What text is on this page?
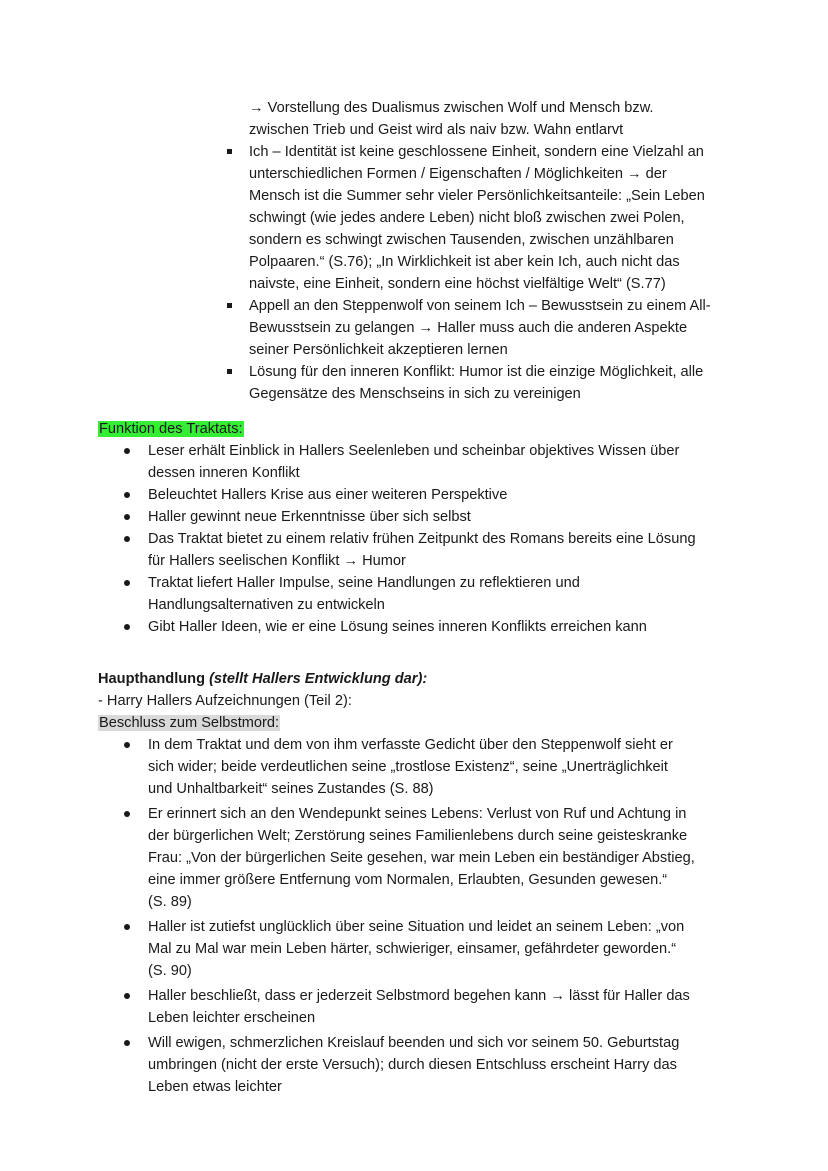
→ Vorstellung des Dualismus zwischen Wolf und Mensch bzw.
zwischen Trieb und Geist wird als naiv bzw. Wahn entlarvt
Ich – Identität ist keine geschlossene Einheit, sondern eine Vielzahl an
unterschiedlichen Formen / Eigenschaften / Möglichkeiten → der
Mensch ist die Summer sehr vieler Persönlichkeitsanteile: „Sein Leben
schwingt (wie jedes andere Leben) nicht bloß zwischen zwei Polen,
sondern es schwingt zwischen Tausenden, zwischen unzählbaren
Polpaaren.“ (S.76); „In Wirklichkeit ist aber kein Ich, auch nicht das
naivste, eine Einheit, sondern eine höchst vielfältige Welt“ (S.77)
Appell an den Steppenwolf von seinem Ich – Bewusstsein zu einem All-
Bewusstsein zu gelangen → Haller muss auch die anderen Aspekte
seiner Persönlichkeit akzeptieren lernen
Lösung für den inneren Konflikt: Humor ist die einzige Möglichkeit, alle
Gegensätze des Menschseins in sich zu vereinigen
Funktion des Traktats:
Leser erhält Einblick in Hallers Seelenleben und scheinbar objektives Wissen über
dessen inneren Konflikt
Beleuchtet Hallers Krise aus einer weiteren Perspektive
Haller gewinnt neue Erkenntnisse über sich selbst
Das Traktat bietet zu einem relativ frühen Zeitpunkt des Romans bereits eine Lösung
für Hallers seelischen Konflikt → Humor
Traktat liefert Haller Impulse, seine Handlungen zu reflektieren und
Handlungsalternativen zu entwickeln
Gibt Haller Ideen, wie er eine Lösung seines inneren Konflikts erreichen kann
Haupthandlung (stellt Hallers Entwicklung dar):
- Harry Hallers Aufzeichnungen (Teil 2):
Beschluss zum Selbstmord:
In dem Traktat und dem von ihm verfasste Gedicht über den Steppenwolf sieht er
sich wider; beide verdeutlichen seine „trostlose Existenz“, seine „Unerträglichkeit
und Unhaltbarkeit“ seines Zustandes (S. 88)
Er erinnert sich an den Wendepunkt seines Lebens: Verlust von Ruf und Achtung in
der bürgerlichen Welt; Zerstörung seines Familienlebens durch seine geisteskranke
Frau: „Von der bürgerlichen Seite gesehen, war mein Leben ein beständiger Abstieg,
eine immer größere Entfernung vom Normalen, Erlaubten, Gesunden gewesen.“
(S. 89)
Haller ist zutiefst unglücklich über seine Situation und leidet an seinem Leben: „von
Mal zu Mal war mein Leben härter, schwieriger, einsamer, gefährdeter geworden.“
(S. 90)
Haller beschließt, dass er jederzeit Selbstmord begehen kann → lässt für Haller das
Leben leichter erscheinen
Will ewigen, schmerzlichen Kreislauf beenden und sich vor seinem 50. Geburtstag
umbringen (nicht der erste Versuch); durch diesen Entschluss erscheint Harry das
Leben etwas leichter
